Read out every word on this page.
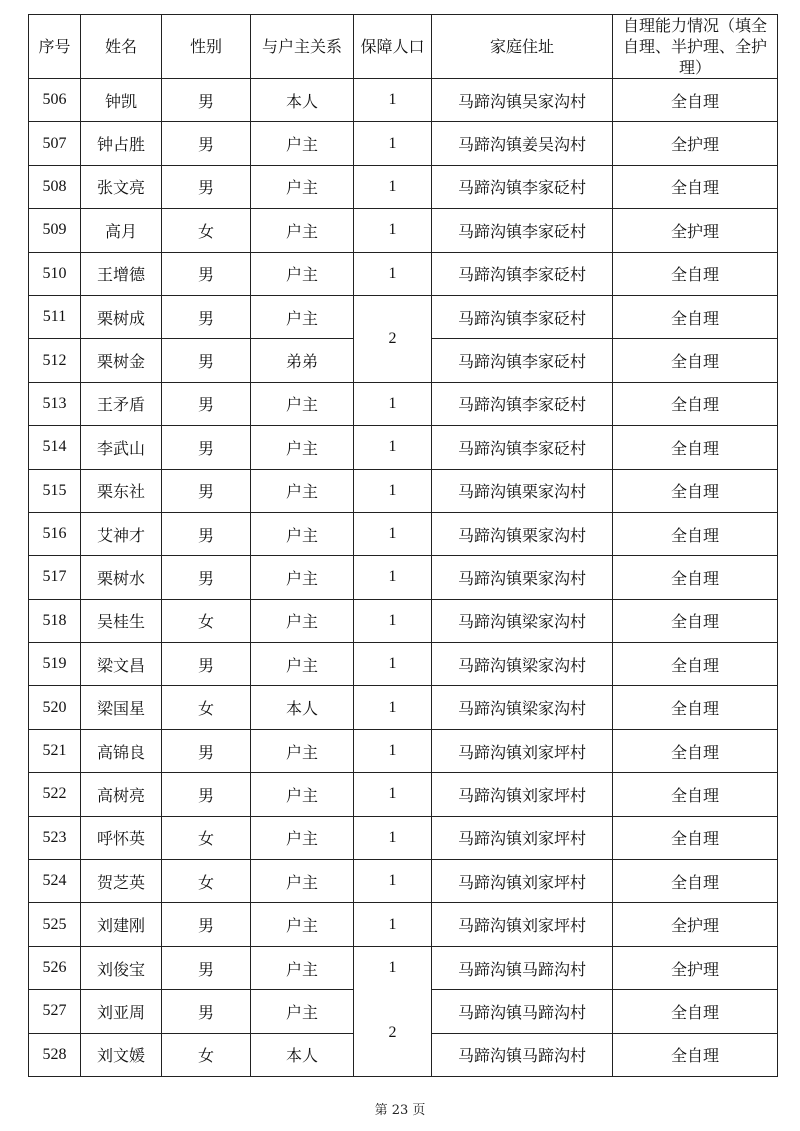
序号	姓名	性别	与户主关系	保障人口	家庭住址	自理能力情况（填全自理、半护理、全护理）
506	钟凯	男	本人	1	马蹄沟镇吴家沟村	全自理
507	钟占胜	男	户主	1	马蹄沟镇姜吴沟村	全护理
508	张文亮	男	户主	1	马蹄沟镇李家砭村	全自理
509	高月	女	户主	1	马蹄沟镇李家砭村	全护理
510	王增德	男	户主	1	马蹄沟镇李家砭村	全自理
511	栗树成	男	户主	2	马蹄沟镇李家砭村	全自理
512	栗树金	男	弟弟		马蹄沟镇李家砭村	全自理
513	王矛盾	男	户主	1	马蹄沟镇李家砭村	全自理
514	李武山	男	户主	1	马蹄沟镇李家砭村	全自理
515	栗东社	男	户主	1	马蹄沟镇栗家沟村	全自理
516	艾神才	男	户主	1	马蹄沟镇栗家沟村	全自理
517	栗树水	男	户主	1	马蹄沟镇栗家沟村	全自理
518	吴桂生	女	户主	1	马蹄沟镇梁家沟村	全自理
519	梁文昌	男	户主	1	马蹄沟镇梁家沟村	全自理
520	梁国星	女	本人	1	马蹄沟镇梁家沟村	全自理
521	高锦良	男	户主	1	马蹄沟镇刘家坪村	全自理
522	高树亮	男	户主	1	马蹄沟镇刘家坪村	全自理
523	呼怀英	女	户主	1	马蹄沟镇刘家坪村	全自理
524	贺芝英	女	户主	1	马蹄沟镇刘家坪村	全自理
525	刘建刚	男	户主	1	马蹄沟镇刘家坪村	全护理
526	刘俊宝	男	户主	1	马蹄沟镇马蹄沟村	全护理
527	刘亚周	男	户主	2	马蹄沟镇马蹄沟村	全自理
528	刘文媛	女	本人		马蹄沟镇马蹄沟村	全自理
第 23 页
